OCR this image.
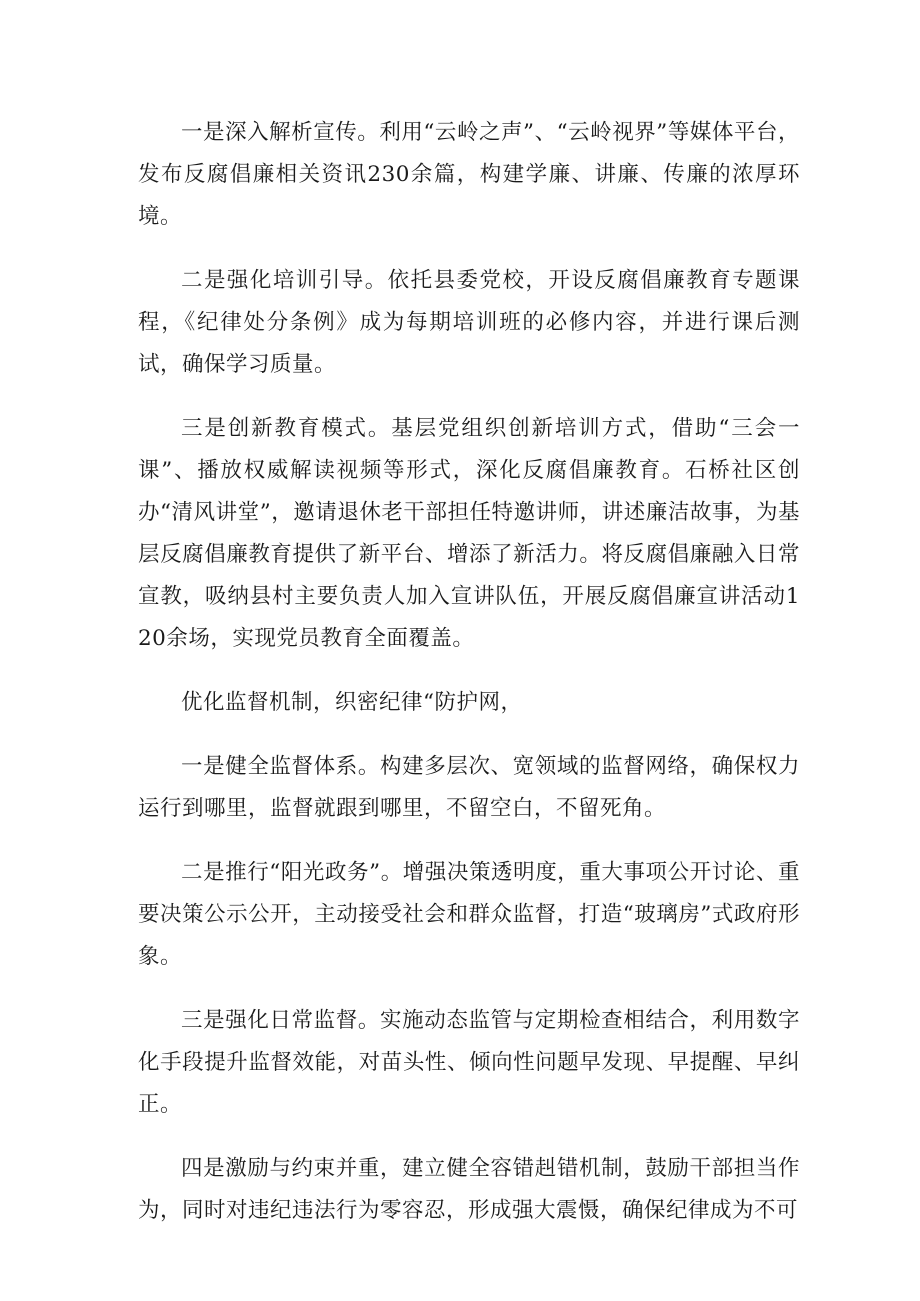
一是深入解析宣传。利用“云岭之声”、“云岭视界”等媒体平台，发布反腐倡廉相关资讯230余篇，构建学廉、讲廉、传廉的浓厚环境。

二是强化培训引导。依托县委党校，开设反腐倡廉教育专题课程，《纪律处分条例》成为每期培训班的必修内容，并进行课后测试，确保学习质量。

三是创新教育模式。基层党组织创新培训方式，借助“三会一课”、播放权威解读视频等形式，深化反腐倡廉教育。石桥社区创办“清风讲堂”，邀请退休老干部担任特邀讲师，讲述廉洁故事，为基层反腐倡廉教育提供了新平台、增添了新活力。将反腐倡廉融入日常宣教，吸纳县村主要负责人加入宣讲队伍，开展反腐倡廉宣讲活动120余场，实现党员教育全面覆盖。

优化监督机制，织密纪律“防护网，

一是健全监督体系。构建多层次、宽领域的监督网络，确保权力运行到哪里，监督就跟到哪里，不留空白，不留死角。

二是推行“阳光政务”。增强决策透明度，重大事项公开讨论、重要决策公示公开，主动接受社会和群众监督，打造“玻璃房”式政府形象。

三是强化日常监督。实施动态监管与定期检查相结合，利用数字化手段提升监督效能，对苗头性、倾向性问题早发现、早提醒、早纠正。

四是激励与约束并重，建立健全容错赳错机制，鼓励干部担当作为，同时对违纪违法行为零容忍，形成强大震慑，确保纪律成为不可
